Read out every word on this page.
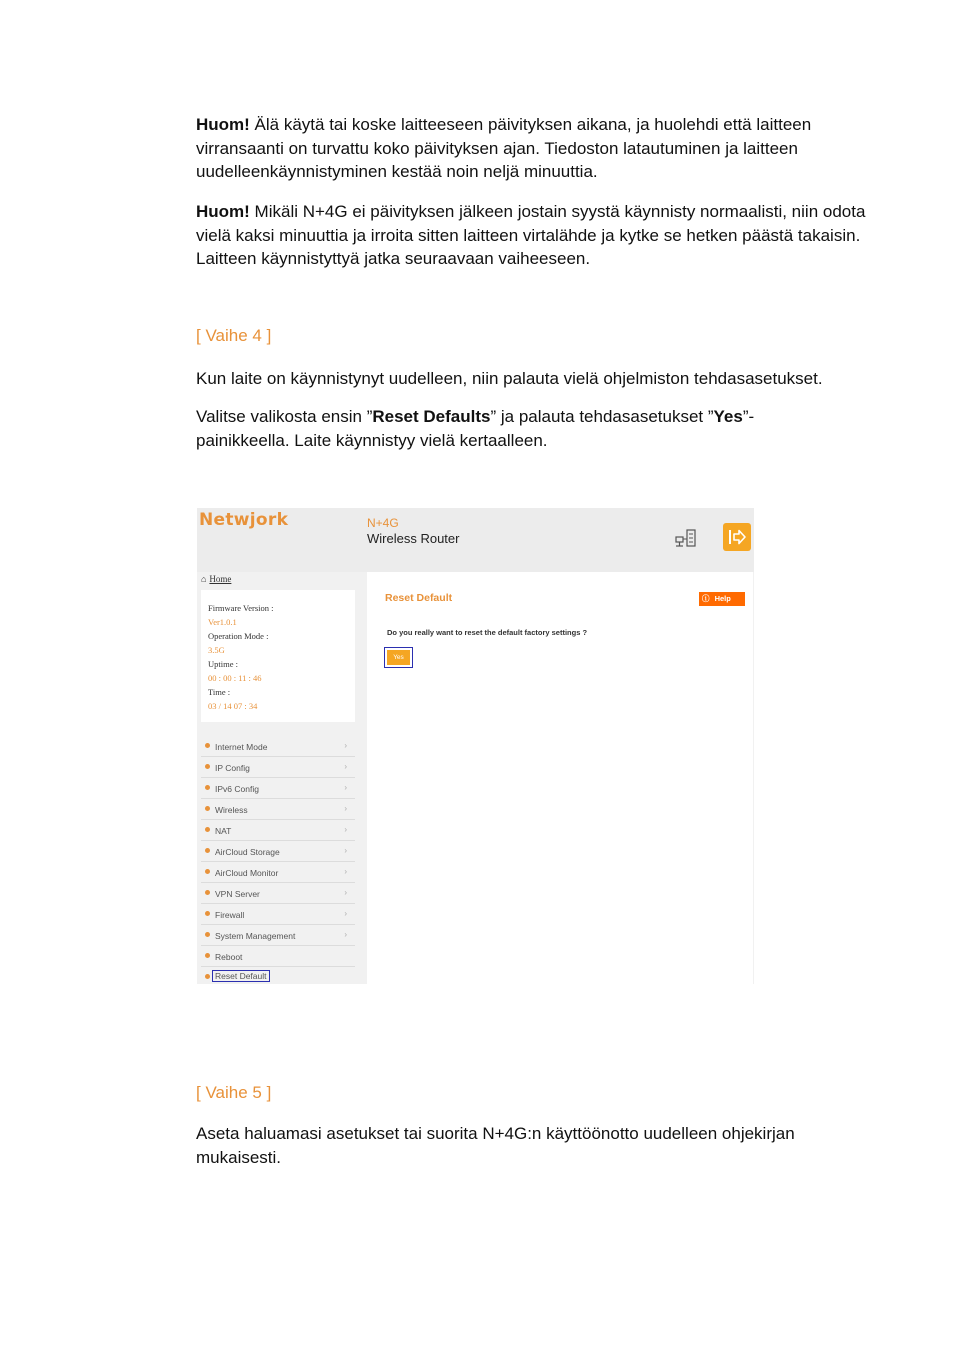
Huom! Älä käytä tai koske laitteeseen päivityksen aikana, ja huolehdi että laitteen virransaanti on turvattu koko päivityksen ajan. Tiedoston latautuminen ja laitteen uudelleenkäynnistyminen kestää noin neljä minuuttia.

Huom! Mikäli N+4G ei päivityksen jälkeen jostain syystä käynnisty normaalisti, niin odota vielä kaksi minuuttia ja irroita sitten laitteen virtalähde ja kytke se hetken päästä takaisin. Laitteen käynnistyttyä jatka seuraavaan vaiheeseen.

[ Vaihe 4 ]

Kun laite on käynnistynyt uudelleen, niin palauta vielä ohjelmiston tehdasasetukset.

Valitse valikosta ensin ”Reset Defaults” ja palauta tehdasasetukset ”Yes”-painikkeella. Laite käynnistyy vielä kertaalleen.

Netwjork	N+4G
Wireless Router
⌂ Home
Firmware Version :
Ver1.0.1
Operation Mode :
3.5G
Uptime :
00 : 00 : 11 : 46
Time :
03 / 14 07 : 34
Internet Mode	›
IP Config	›
IPv6 Config	›
Wireless	›
NAT	›
AirCloud Storage	›
AirCloud Monitor	›
VPN Server	›
Firewall	›
System Management	›
Reboot
Reset Default
Reset Default	ⓘ Help
Do you really want to reset the default factory settings ?
Yes

[ Vaihe 5 ]

Aseta haluamasi asetukset tai suorita N+4G:n käyttöönotto uudelleen ohjekirjan mukaisesti.
